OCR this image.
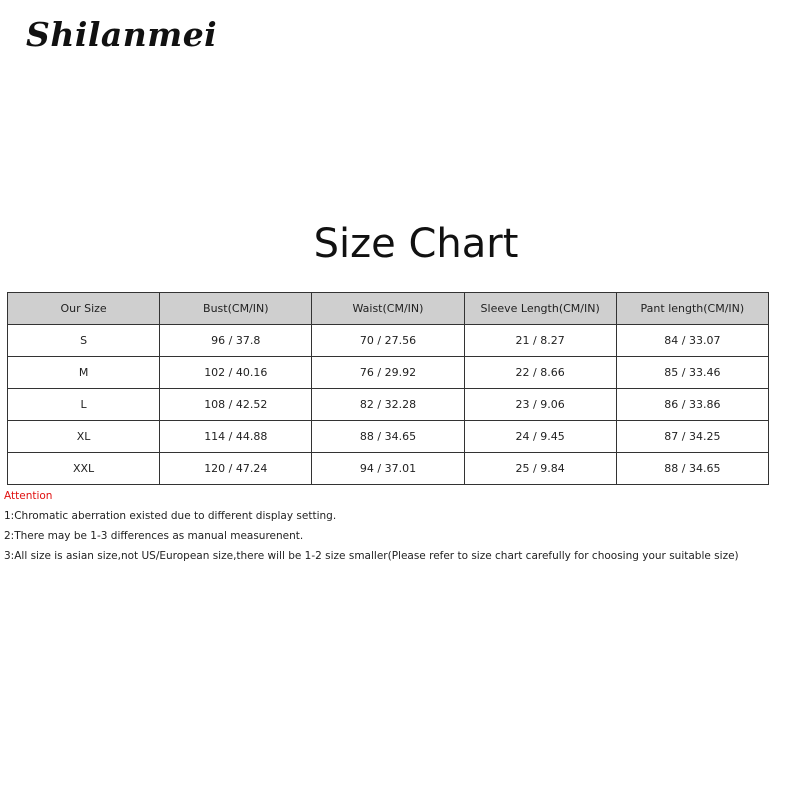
Shilanmei
Size Chart
Our Size	Bust(CM/IN)	Waist(CM/IN)	Sleeve Length(CM/IN)	Pant length(CM/IN)
S	96 / 37.8	70 / 27.56	21 / 8.27	84 / 33.07
M	102 / 40.16	76 / 29.92	22 / 8.66	85 / 33.46
L	108 / 42.52	82 / 32.28	23 / 9.06	86 / 33.86
XL	114 / 44.88	88 / 34.65	24 / 9.45	87 / 34.25
XXL	120 / 47.24	94 / 37.01	25 / 9.84	88 / 34.65
Attention
1:Chromatic aberration existed due to different display setting.
2:There may be 1-3 differences as manual measurenent.
3:All size is asian size,not US/European size,there will be 1-2 size smaller(Please refer to size chart carefully for choosing your suitable size)
